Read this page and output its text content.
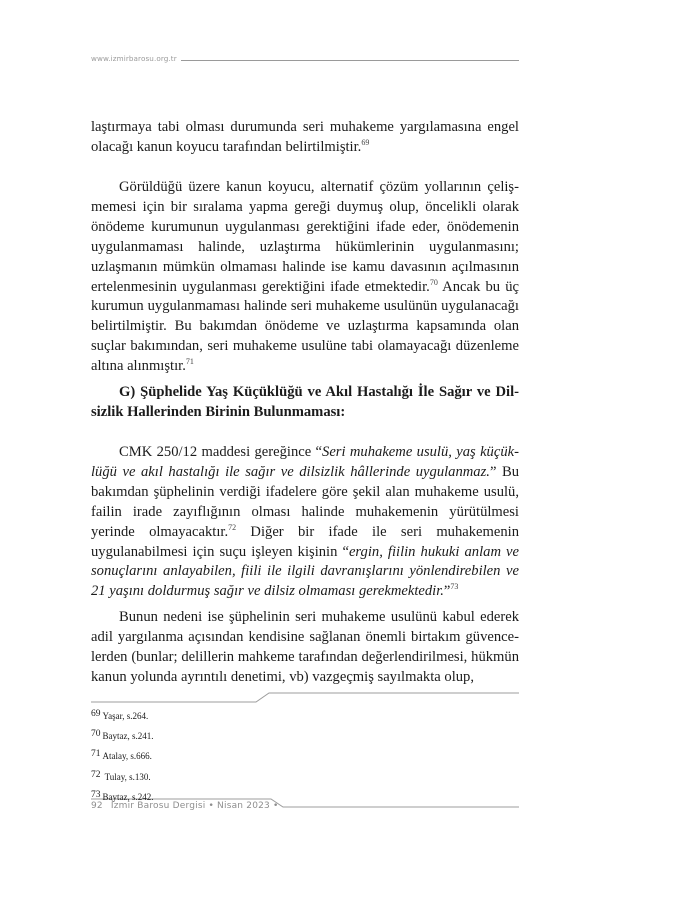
www.izmirbarosu.org.tr

laştırmaya tabi olması durumunda seri muhakeme yargılamasına engel olacağı kanun koyucu tarafından belirtilmiştir.$^{69}$

Görüldüğü üzere kanun koyucu, alternatif çözüm yollarının çelişmemesi için bir sıralama yapma gereği duymuş olup, öncelikli olarak önödeme kurumunun uygulanması gerektiğini ifade eder, önödemenin uygulanmaması halinde, uzlaştırma hükümlerinin uygulanmasını; uzlaşmanın mümkün olmaması halinde ise kamu davasının açılmasının ertelenmesinin uygulanması gerektiğini ifade etmektedir.$^{70}$ Ancak bu üç kurumun uygulanmaması halinde seri muhakeme usulünün uygulanacağı belirtilmiştir. Bu bakımdan önödeme ve uzlaştırma kapsamında olan suçlar bakımından, seri muhakeme usulüne tabi olamayacağı düzenleme altına alınmıştır.$^{71}$

G) Şüphelide Yaş Küçüklüğü ve Akıl Hastalığı İle Sağır ve Dilsizlik Hallerinden Birinin Bulunmaması:

CMK 250/12 maddesi gereğince “Seri muhakeme usulü, yaş küçüklüğü ve akıl hastalığı ile sağır ve dilsizlik hâllerinde uygulanmaz.” Bu bakımdan şüphelinin verdiği ifadelere göre şekil alan muhakeme usulü, failin irade zayıflığının olması halinde muhakemenin yürütülmesi yerinde olmayacaktır.$^{72}$ Diğer bir ifade ile seri muhakemenin uygulanabilmesi için suçu işleyen kişinin “ergin, fiilin hukuki anlam ve sonuçlarını anlayabilen, fiili ile ilgili davranışlarını yönlendirebilen ve 21 yaşını doldurmuş sağır ve dilsiz olmaması gerekmektedir.”$^{73}$

Bunun nedeni ise şüphelinin seri muhakeme usulünü kabul ederek adil yargılanma açısından kendisine sağlanan önemli birtakım güvencelerden (bunlar; delillerin mahkeme tarafından değerlendirilmesi, hükmün kanun yolunda ayrıntılı denetimi, vb) vazgeçmiş sayılmakta olup,

69 Yaşar, s.264.
70 Baytaz, s.241.
71 Atalay, s.666.
72 Tulay, s.130.
73 Baytaz, s.242.
92 İzmir Barosu Dergisi • Nisan 2023 •
